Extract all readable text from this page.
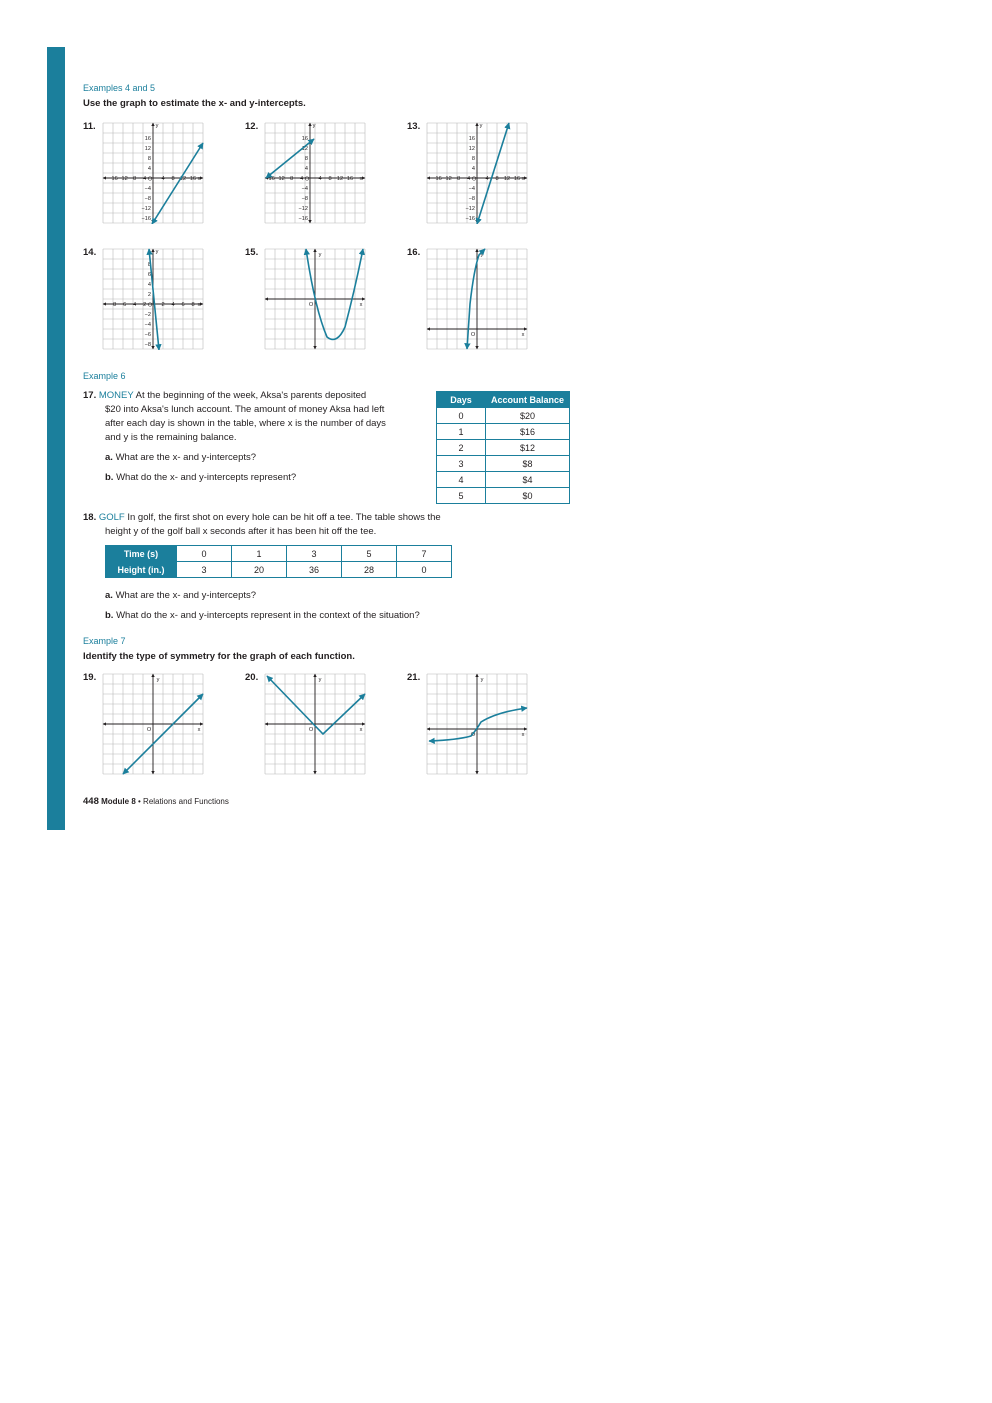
Examples 4 and 5
Use the graph to estimate the x- and y-intercepts.
11.	12.	13.
14.	15.	16.
16
12
8
4
−16 −12 −8 −4 O 4 8 12 16
−4
−8
−12
−16
x
y
16
12
8
4
−16 −12 −8 −4 O 4 8 12 16
−4
−8
−12
−16
x
y
16
12
8
4
−16 −12 −8 −4 O 4 8 12 16
−4
−8
−12
−16
x
y
8
6
4
2
−8 −6 −4 −2 O 2 4 6 8
−2
−4
−6
−8
x
y
O	x
y
O	x
y
Example 6
17. MONEY At the beginning of the week, Aksa's parents deposited
$20 into Aksa's lunch account. The amount of money Aksa had left
after each day is shown in the table, where x is the number of days
and y is the remaining balance.
a. What are the x- and y-intercepts?
b. What do the x- and y-intercepts represent?
Days	Account Balance
0	$20
1	$16
2	$12
3	$8
4	$4
5	$0
18. GOLF In golf, the first shot on every hole can be hit off a tee. The table shows the
height y of the golf ball x seconds after it has been hit off the tee.
Time (s)	0	1	3	5	7
Height (in.)	3	20	36	28	0
a. What are the x- and y-intercepts?
b. What do the x- and y-intercepts represent in the context of the situation?
Example 7
Identify the type of symmetry for the graph of each function.
19.	20.	21.
O	x
y
O	x
y
O	x
y
448 Module 8 • Relations and Functions
